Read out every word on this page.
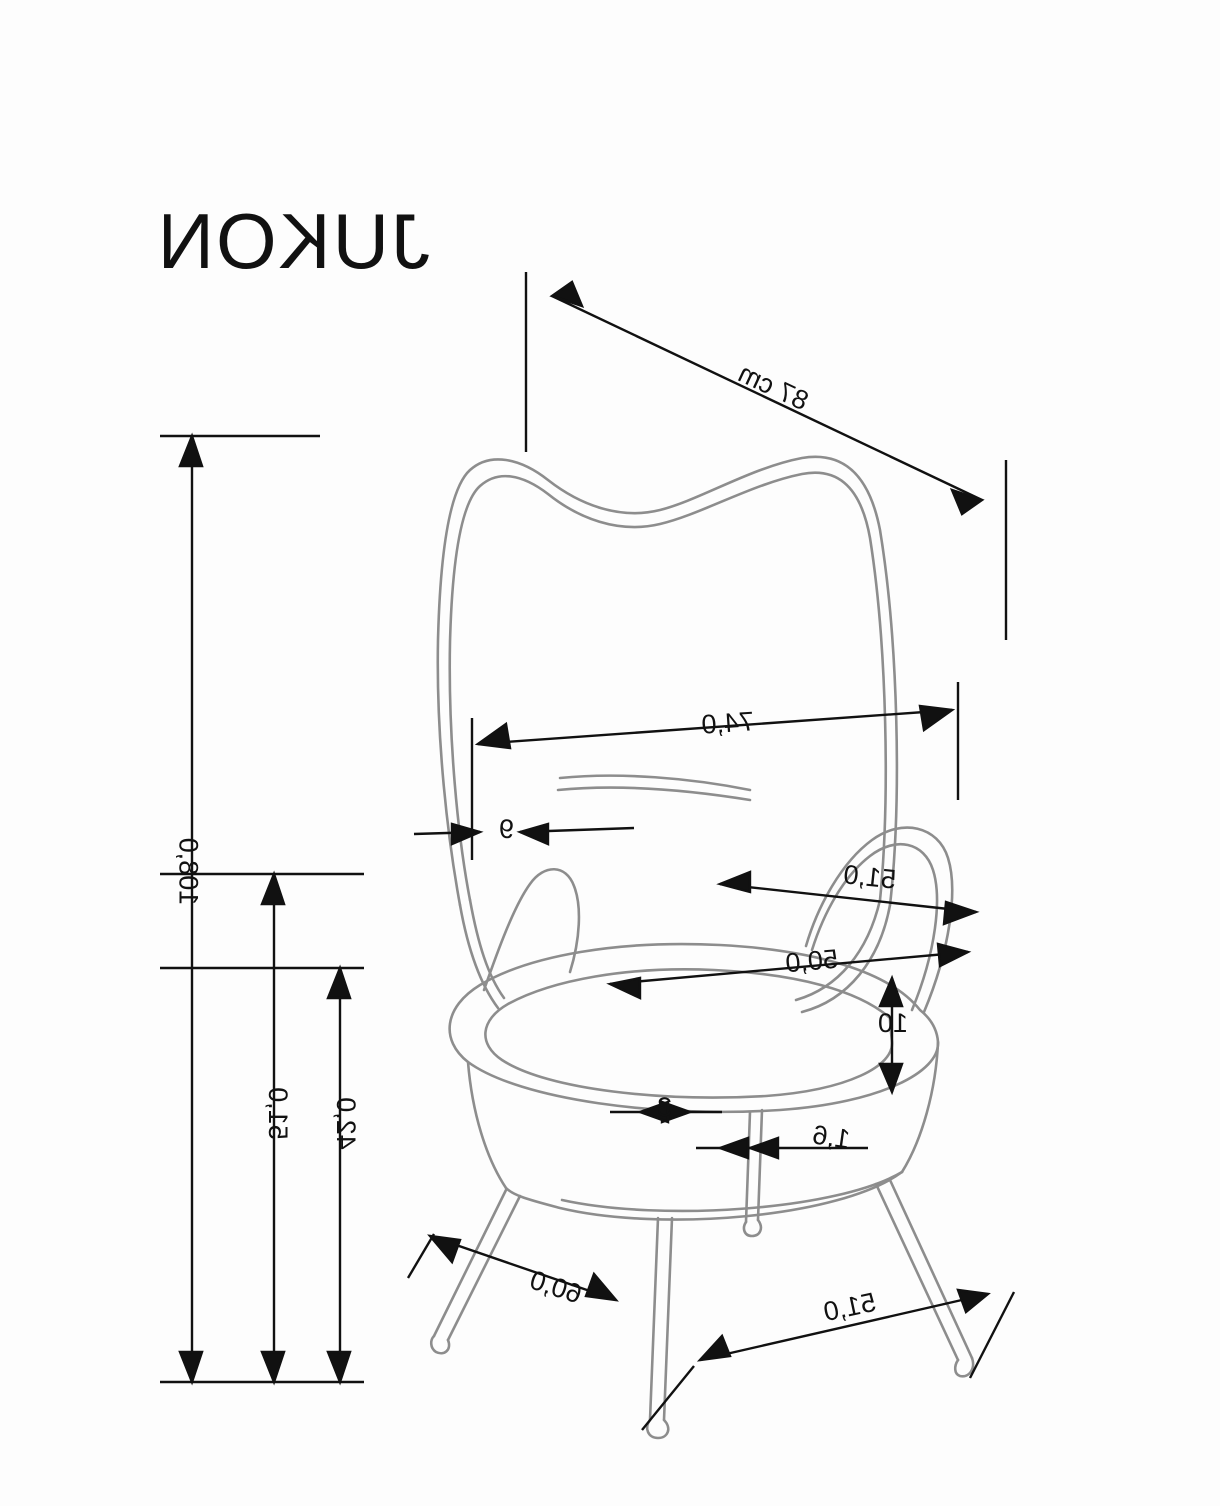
JUKON
87 cm
74,0
9
51,0
50,0
10
3
1,6
51,0
60,0
42,0
51,0
108,0
